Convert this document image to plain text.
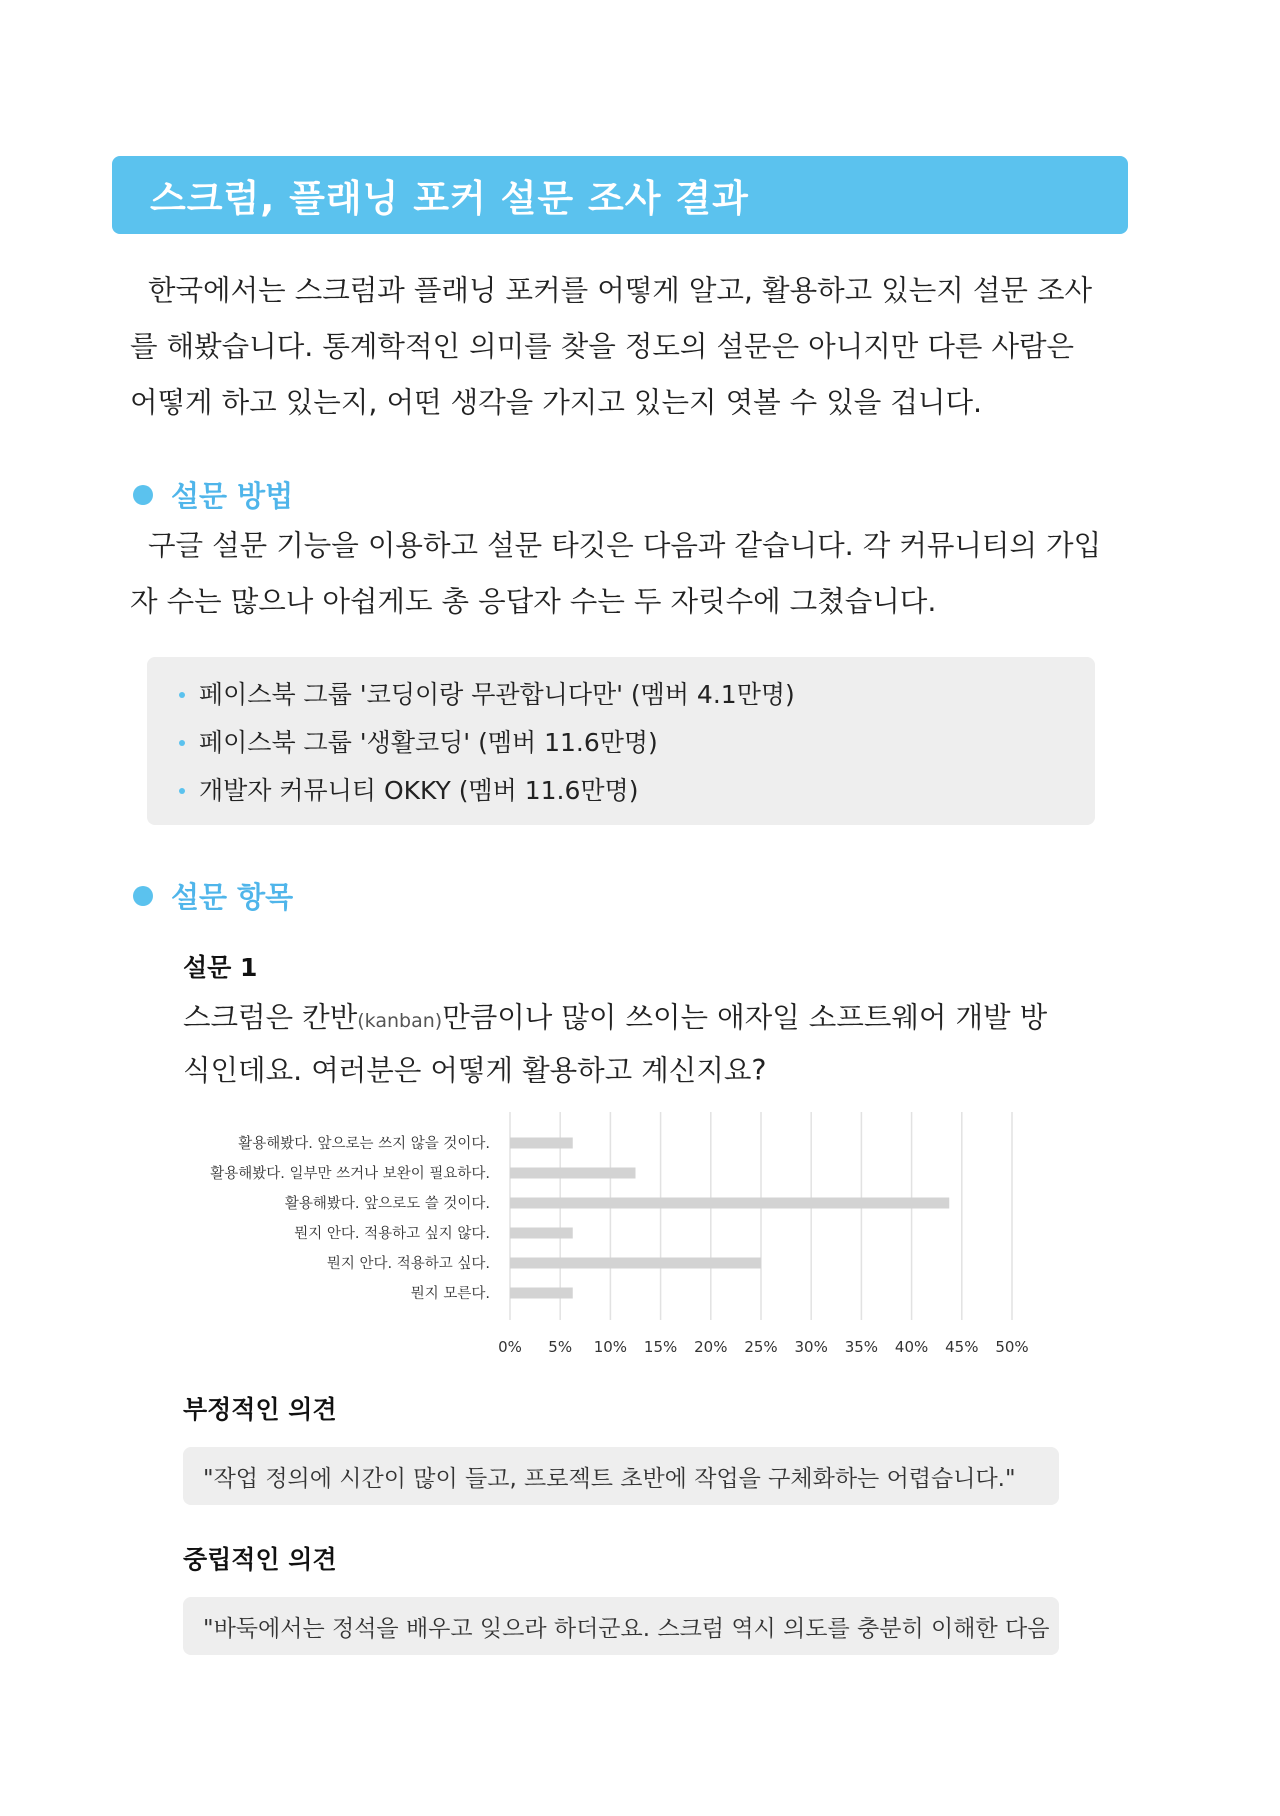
스크럼, 플래닝 포커 설문 조사 결과

한국에서는 스크럼과 플래닝 포커를 어떻게 알고, 활용하고 있는지 설문 조사를 해봤습니다. 통계학적인 의미를 찾을 정도의 설문은 아니지만 다른 사람은 어떻게 하고 있는지, 어떤 생각을 가지고 있는지 엿볼 수 있을 겁니다.

설문 방법

구글 설문 기능을 이용하고 설문 타깃은 다음과 같습니다. 각 커뮤니티의 가입자 수는 많으나 아쉽게도 총 응답자 수는 두 자릿수에 그쳤습니다.

페이스북 그룹 '코딩이랑 무관합니다만' (멤버 4.1만명)
페이스북 그룹 '생활코딩' (멤버 11.6만명)
개발자 커뮤니티 OKKY (멤버 11.6만명)
설문 항목
설문 1

스크럼은 칸반(kanban)만큼이나 많이 쓰이는 애자일 소프트웨어 개발 방식인데요. 여러분은 어떻게 활용하고 계신지요?

0% 5% 10% 15% 20% 25% 30% 35% 40% 45% 50%
활용해봤다. 앞으로는 쓰지 않을 것이다.
활용해봤다. 일부만 쓰거나 보완이 필요하다.
활용해봤다. 앞으로도 쓸 것이다.
뭔지 안다. 적용하고 싶지 않다.
뭔지 안다. 적용하고 싶다.
뭔지 모른다.
부정적인 의견
"작업 정의에 시간이 많이 들고, 프로젝트 초반에 작업을 구체화하는 어렵습니다."
중립적인 의견
"바둑에서는 정석을 배우고 잊으라 하더군요. 스크럼 역시 의도를 충분히 이해한 다음
